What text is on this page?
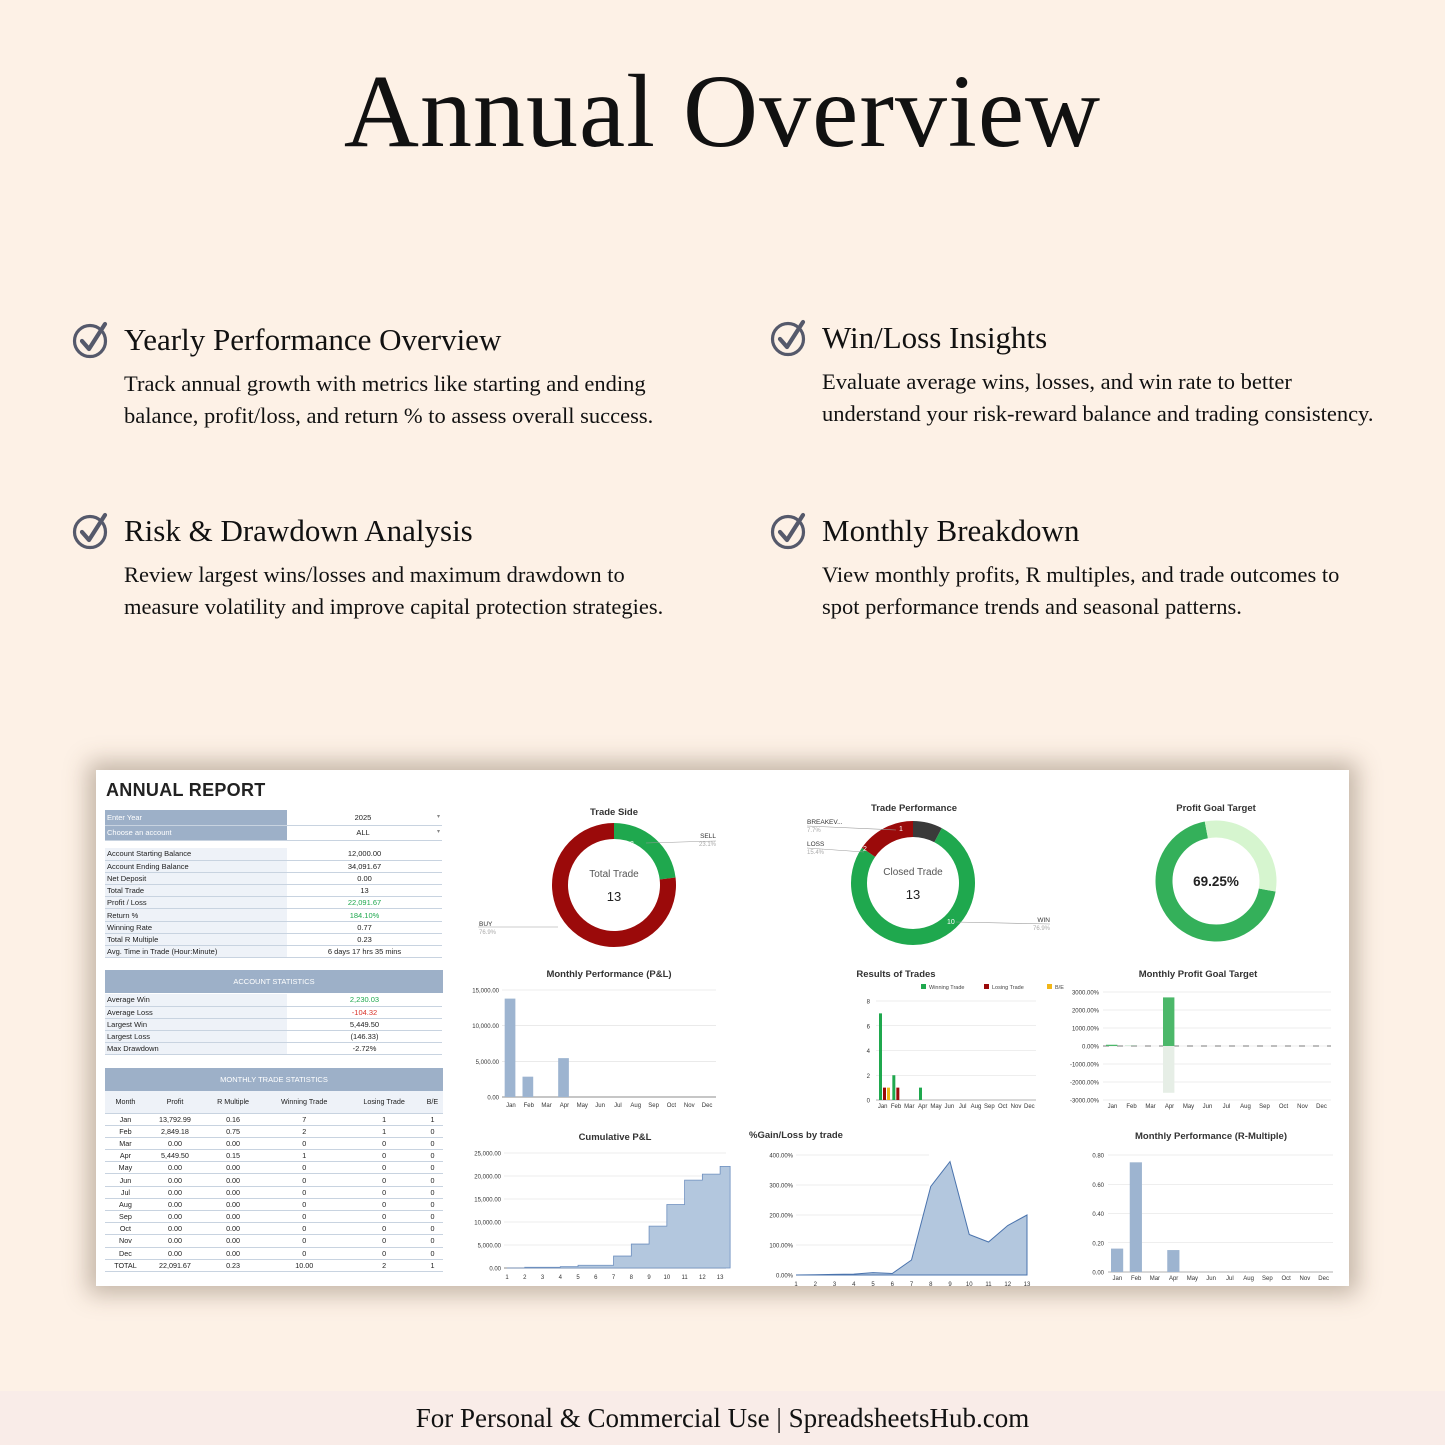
Annual Overview
Yearly Performance Overview

Track annual growth with metrics like starting and ending balance, profit/loss, and return % to assess overall success.

Win/Loss Insights

Evaluate average wins, losses, and win rate to better understand your risk-reward balance and trading consistency.

Risk & Drawdown Analysis

Review largest wins/losses and maximum drawdown to measure volatility and improve capital protection strategies.

Monthly Breakdown

View monthly profits, R multiples, and trade outcomes to spot performance trends and seasonal patterns.

ANNUAL REPORT
Enter Year	2025 ▾

Choose an account	ALL ▾
Account Starting Balance	12,000.00
Account Ending Balance	34,091.67
Net Deposit	0.00
Total Trade	13
Profit / Loss	22,091.67
Return %	184.10%
Winning Rate	0.77
Total R Multiple	0.23
Avg. Time in Trade (Hour:Minute)	6 days 17 hrs 35 mins
ACCOUNT STATISTICS
Average Win	2,230.03
Average Loss	-104.32
Largest Win	5,449.50
Largest Loss	(146.33)
Max Drawdown	-2.72%
MONTHLY TRADE STATISTICS
Month	Profit	R Multiple	Winning Trade	Losing Trade	B/E
Jan	13,792.99	0.16	7	1	1
Feb	2,849.18	0.75	2	1	0
Mar	0.00	0.00	0	0	0
Apr	5,449.50	0.15	1	0	0
May	0.00	0.00	0	0	0
Jun	0.00	0.00	0	0	0
Jul	0.00	0.00	0	0	0
Aug	0.00	0.00	0	0	0
Sep	0.00	0.00	0	0	0
Oct	0.00	0.00	0	0	0
Nov	0.00	0.00	0	0	0
Dec	0.00	0.00	0	0	0
TOTAL	22,091.67	0.23	10.00	2	1
Trade Side
Total Trade
13
3
10
SELL
23.1%
BUY
76.9%
Trade Performance
Closed Trade
13
1
2
10
BREAKEV...
7.7%
LOSS
15.4%
WIN
76.9%
Profit Goal Target
69.25%
Monthly Performance (P&L)
0.00
5,000.00
10,000.00
15,000.00
Jan Feb Mar Apr May Jun Jul Aug Sep Oct Nov Dec
Results of Trades
Winning Trade	Losing Trade	B/E
0
2
4
6
8
Jan Feb Mar Apr May Jun Jul Aug Sep Oct Nov Dec
Monthly Profit Goal Target
-3000.00%
-2000.00%
-1000.00%
0.00%
1000.00%
2000.00%
3000.00%
Jan Feb Mar Apr May Jun Jul Aug Sep Oct Nov Dec
Cumulative P&L
0.00
5,000.00
10,000.00
15,000.00
20,000.00
25,000.00
1 2 3 4 5 6 7 8 9 10 11 12 13
%Gain/Loss by trade
0.00%
100.00%
200.00%
300.00%
400.00%
1	2	3	4	5	6	7	8	9 10 11 12 13
Monthly Performance (R-Multiple)
0.00
0.20
0.40
0.60
0.80
Jan Feb Mar Apr May Jun Jul Aug Sep Oct Nov Dec
For Personal & Commercial Use | SpreadsheetsHub.com
